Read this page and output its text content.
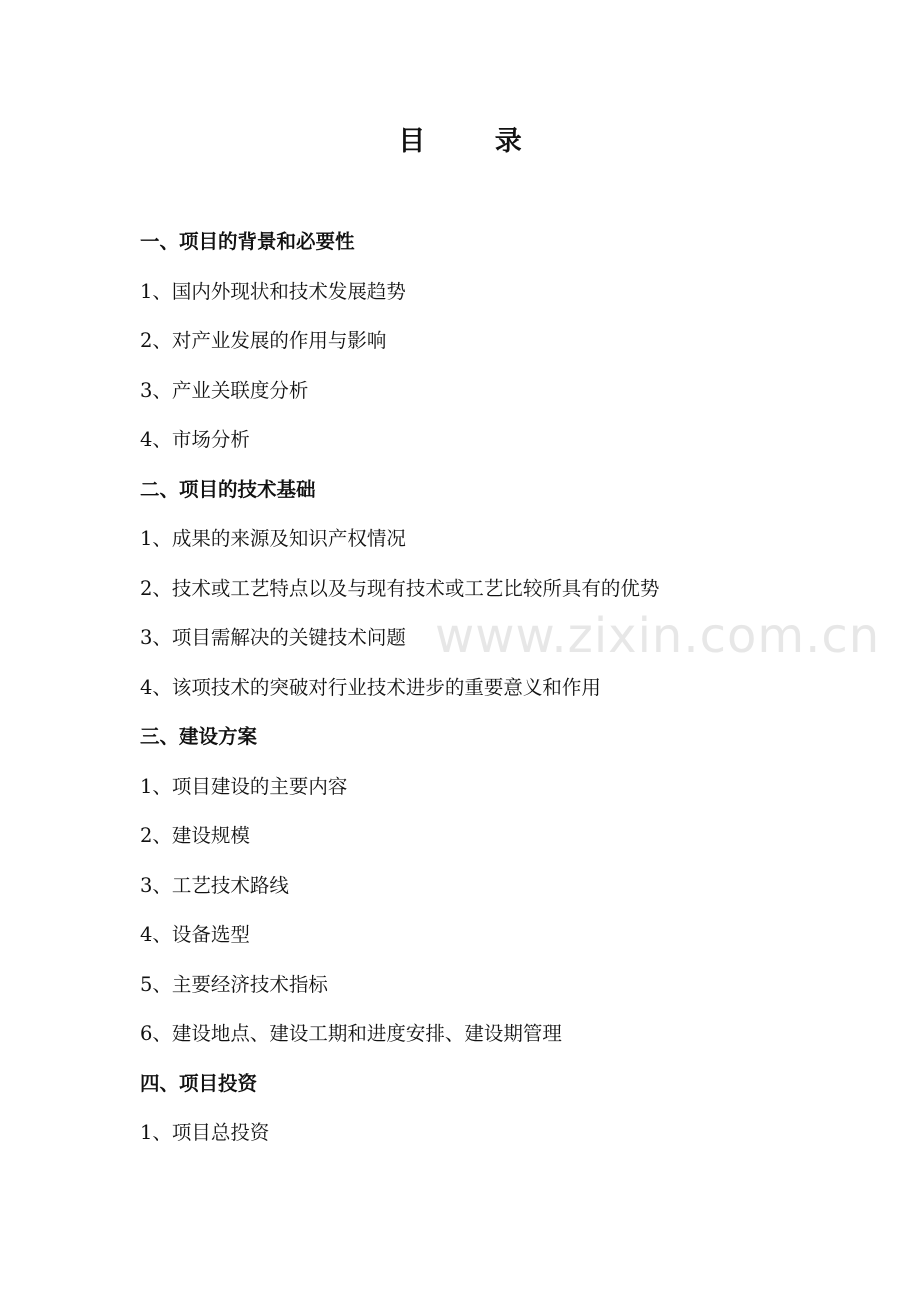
目 录
一、项目的背景和必要性
1、国内外现状和技术发展趋势
2、对产业发展的作用与影响
3、产业关联度分析
4、市场分析
二、项目的技术基础
1、成果的来源及知识产权情况
2、技术或工艺特点以及与现有技术或工艺比较所具有的优势
3、项目需解决的关键技术问题
4、该项技术的突破对行业技术进步的重要意义和作用
三、建设方案
1、项目建设的主要内容
2、建设规模
3、工艺技术路线
4、设备选型
5、主要经济技术指标
6、建设地点、建设工期和进度安排、建设期管理
四、项目投资
1、项目总投资
www.zixin.com.cn
